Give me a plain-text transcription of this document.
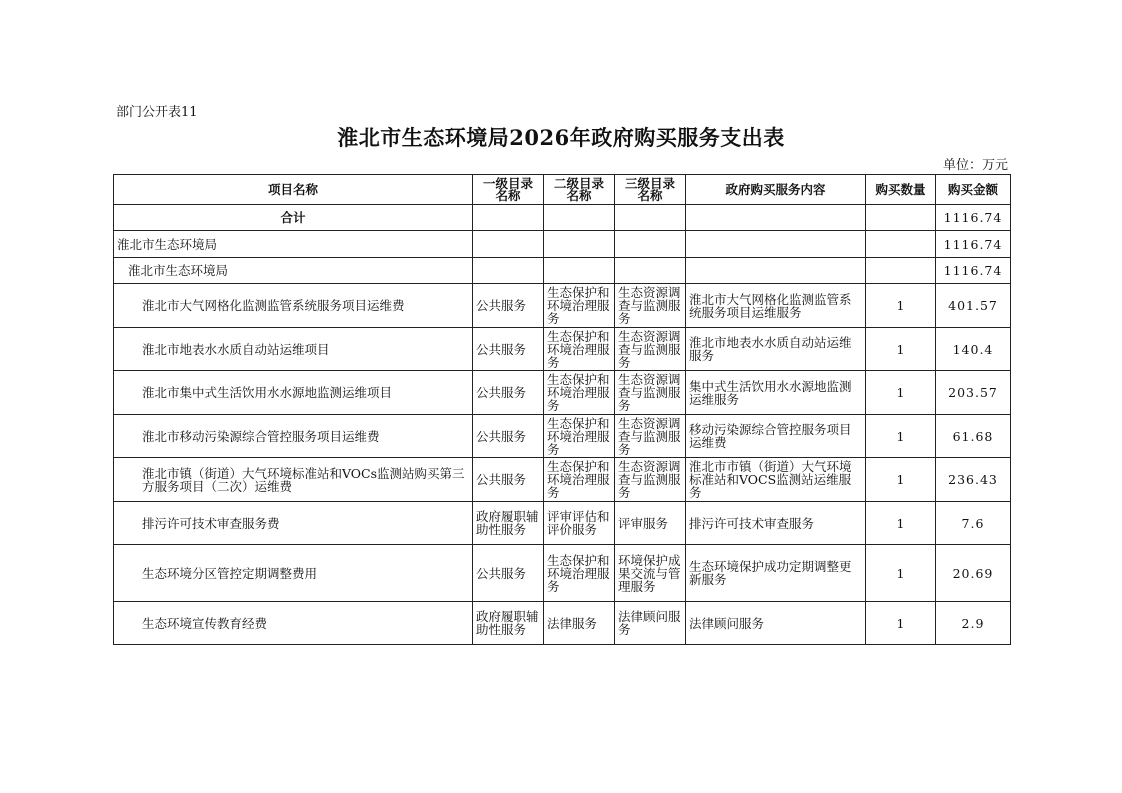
部门公开表11
淮北市生态环境局2026年政府购买服务支出表
单位：万元
项目名称	一级目录名称	二级目录名称	三级目录名称	政府购买服务内容	购买数量	购买金额
合计						1116.74
淮北市生态环境局						1116.74
淮北市生态环境局						1116.74
淮北市大气网格化监测监管系统服务项目运维费	公共服务	生态保护和环境治理服务	生态资源调查与监测服务	淮北市大气网格化监测监管系统服务项目运维服务	1	401.57
淮北市地表水水质自动站运维项目	公共服务	生态保护和环境治理服务	生态资源调查与监测服务	淮北市地表水水质自动站运维服务	1	140.4
淮北市集中式生活饮用水水源地监测运维项目	公共服务	生态保护和环境治理服务	生态资源调查与监测服务	集中式生活饮用水水源地监测运维服务	1	203.57
淮北市移动污染源综合管控服务项目运维费	公共服务	生态保护和环境治理服务	生态资源调查与监测服务	移动污染源综合管控服务项目运维费	1	61.68
淮北市镇（街道）大气环境标准站和VOCs监测站购买第三方服务项目（二次）运维费	公共服务	生态保护和环境治理服务	生态资源调查与监测服务	淮北市市镇（街道）大气环境标准站和VOCS监测站运维服务	1	236.43
排污许可技术审查服务费	政府履职辅助性服务	评审评估和评价服务	评审服务	排污许可技术审查服务	1	7.6
生态环境分区管控定期调整费用	公共服务	生态保护和环境治理服务	环境保护成果交流与管理服务	生态环境保护成功定期调整更新服务	1	20.69
生态环境宣传教育经费	政府履职辅助性服务	法律服务	法律顾问服务	法律顾问服务	1	2.9
